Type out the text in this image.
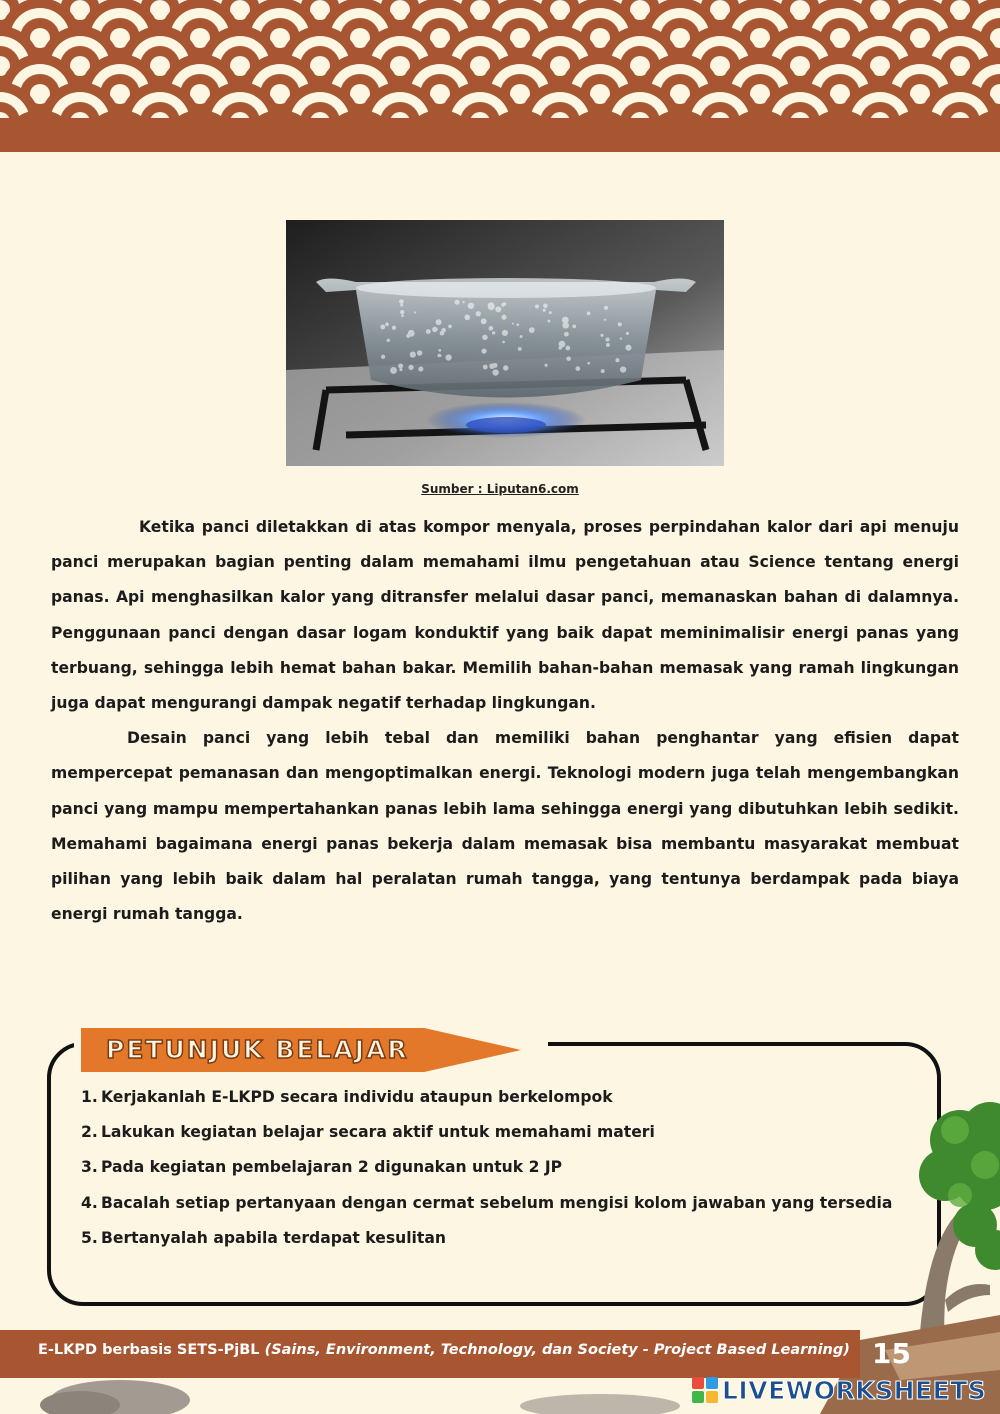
Sumber : Liputan6.com

Ketika panci diletakkan di atas kompor menyala, proses perpindahan kalor dari api menuju panci merupakan bagian penting dalam memahami ilmu pengetahuan atau Science tentang energi panas. Api menghasilkan kalor yang ditransfer melalui dasar panci, memanaskan bahan di dalamnya. Penggunaan panci dengan dasar logam konduktif yang baik dapat meminimalisir energi panas yang terbuang, sehingga lebih hemat bahan bakar. Memilih bahan-bahan memasak yang ramah lingkungan juga dapat mengurangi dampak negatif terhadap lingkungan.

Desain panci yang lebih tebal dan memiliki bahan penghantar yang efisien dapat mempercepat pemanasan dan mengoptimalkan energi. Teknologi modern juga telah mengembangkan panci yang mampu mempertahankan panas lebih lama sehingga energi yang dibutuhkan lebih sedikit. Memahami bagaimana energi panas bekerja dalam memasak bisa membantu masyarakat membuat pilihan yang lebih baik dalam hal peralatan rumah tangga, yang tentunya berdampak pada biaya energi rumah tangga.

PETUNJUK BELAJAR
1. Kerjakanlah E-LKPD secara individu ataupun berkelompok
2. Lakukan kegiatan belajar secara aktif untuk memahami materi
3. Pada kegiatan pembelajaran 2 digunakan untuk 2 JP
4. Bacalah setiap pertanyaan dengan cermat sebelum mengisi kolom jawaban yang tersedia
5. Bertanyalah apabila terdapat kesulitan
E-LKPD berbasis SETS-PjBL (Sains, Environment, Technology, dan Society - Project Based Learning) 15
LIVEWORKSHEETS
